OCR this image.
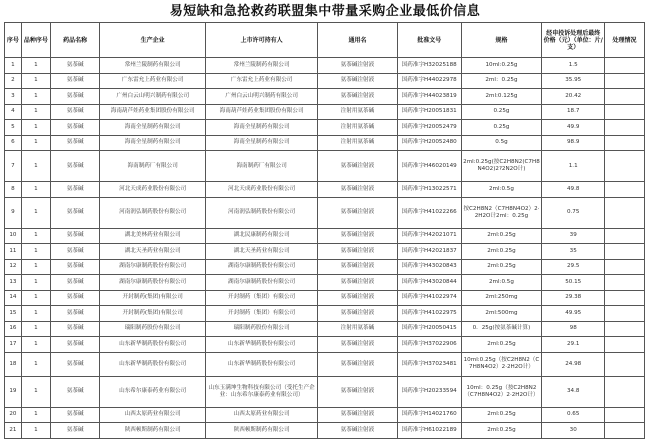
易短缺和急抢救药联盟集中带量采购企业最低价信息
序号	品种序号	药品名称	生产企业	上市许可持有人	通用名	批准文号	规格	经申投诉处理后最终价格（元）（单位：片/支）	处理情况
1	1	氨茶碱	常州兰陵制药有限公司	常州兰陵制药有限公司	氨茶碱注射液	国药准字H32025188	10ml:0.25g	1.5	
2	1	氨茶碱	广东雷允上药业有限公司	广东雷允上药业有限公司	氨茶碱注射液	国药准字H44022978	2ml：0.25g	35.95	
3	1	氨茶碱	广州白云山明兴制药有限公司	广州白云山明兴制药有限公司	氨茶碱注射液	国药准字H44023819	2ml:0.125g	20.42	
4	1	氨茶碱	海南葫芦娃药业集团股份有限公司	海南葫芦娃药业集团股份有限公司	注射用氨茶碱	国药准字H20051831	0.25g	18.7	
5	1	氨茶碱	海南全星制药有限公司	海南全星制药有限公司	注射用氨茶碱	国药准字H20052479	0.25g	49.9	
6	1	氨茶碱	海南全星制药有限公司	海南全星制药有限公司	注射用氨茶碱	国药准字H20052480	0.5g	98.9	
7	1	氨茶碱	海南制药厂有限公司	海南制药厂有限公司	氨茶碱注射液	国药准字H46020149	2ml:0.25g(按C2H8N2(C7H8N4O2)2?2N2O计)	1.1	
8	1	氨茶碱	河北天成药业股份有限公司	河北天成药业股份有限公司	氨茶碱注射液	国药准字H13022571	2ml:0.5g	49.8	
9	1	氨茶碱	河南润弘制药股份有限公司	河南润弘制药股份有限公司	氨茶碱注射液	国药准字H41022266	按C2H8N2（C7H8N4O2）2·2H2O计2ml：0.25g	0.75	
10	1	氨茶碱	湖北美林药业有限公司	湖北民康制药有限公司	氨茶碱注射液	国药准字H42021071	2ml:0.25g	39	
11	1	氨茶碱	湖北天圣药业有限公司	湖北天圣药业有限公司	氨茶碱注射液	国药准字H42021837	2ml:0.25g	35	
12	1	氨茶碱	湖南尔康制药股份有限公司	湖南尔康制药股份有限公司	氨茶碱注射液	国药准字H43020843	2ml:0.25g	29.5	
13	1	氨茶碱	湖南尔康制药股份有限公司	湖南尔康制药股份有限公司	氨茶碱注射液	国药准字H43020844	2ml:0.5g	50.15	
14	1	氨茶碱	开封制药(集团)有限公司	开封制药（集团）有限公司	氨茶碱注射液	国药准字H41022974	2ml:250mg	29.38	
15	1	氨茶碱	开封制药(集团)有限公司	开封制药（集团）有限公司	氨茶碱注射液	国药准字H41022975	2ml:500mg	49.95	
16	1	氨茶碱	瑞阳制药股份有限公司	瑞阳制药股份有限公司	注射用氨茶碱	国药准字H20050415	0．25g(按氨茶碱计算)	98	
17	1	氨茶碱	山东新华制药股份有限公司	山东新华制药股份有限公司	氨茶碱注射液	国药准字H37022906	2ml:0.25g	29.1	
18	1	氨茶碱	山东新华制药股份有限公司	山东新华制药股份有限公司	氨茶碱注射液	国药准字H37023481	10ml:0.25g（按C2H8N2（C7H8N4O2）2·2H2O计）	24.98	
19	1	氨茶碱	山东希尔康泰药业有限公司	山东玉满坤生物科技有限公司（受托生产企业：山东希尔康泰药业有限公司）	氨茶碱注射液	国药准字H20233594	10ml：0.25g（按C2H8N2（C7H8N4O2）2·2H2O计）	34.8	
20	1	氨茶碱	山西太原药业有限公司	山西太原药业有限公司	氨茶碱注射液	国药准字H14021760	2ml:0.25g	0.65	
21	1	氨茶碱	陕西顿斯制药有限公司	陕西顿斯制药有限公司	氨茶碱注射液	国药准字H61022189	2ml:0.25g	30	
